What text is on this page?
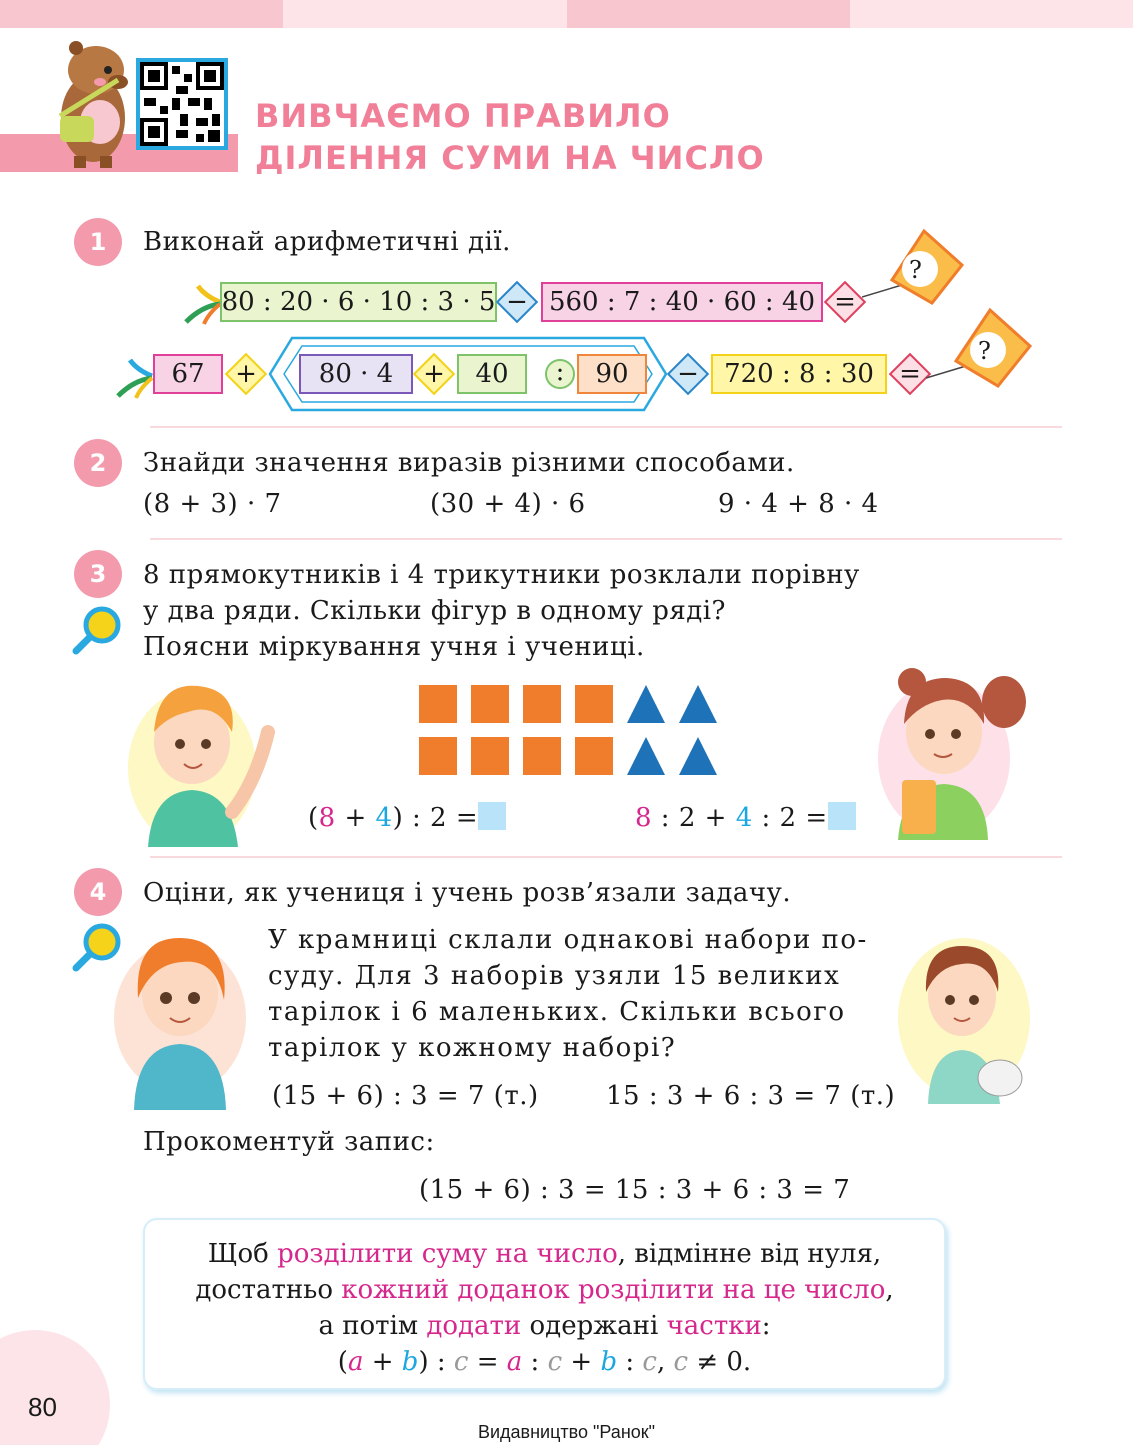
ВИВЧАЄМО ПРАВИЛО
ДІЛЕННЯ СУМИ НА ЧИСЛО
1	Виконай арифметичні дії.
80 : 20 · 6 · 10 : 3 · 5 − 560 : 7 : 40 · 60 : 40 =
?
67	+	80 · 4	+	40	:	90	− 720 : 8 : 30 =
?
2	Знайди значення виразів різними способами.
(8 + 3) · 7	(30 + 4) · 6	9 · 4 + 8 · 4
3	8 прямокутників і 4 трикутники розклали порівну
у два ряди. Скільки фігур в одному ряді?
Поясни міркування учня і учениці.
(8 + 4) : 2 =	8 : 2 + 4 : 2 =
4	Оціни, як учениця і учень розв’язали задачу.
У крамниці склали однакові набори по-
суду. Для 3 наборів узяли 15 великих
тарілок і 6 маленьких. Скільки всього
тарілок у кожному наборі?
(15 + 6) : 3 = 7 (т.)	15 : 3 + 6 : 3 = 7 (т.)
Прокоментуй запис:
(15 + 6) : 3 = 15 : 3 + 6 : 3 = 7
Щоб розділити суму на число, відмінне від нуля,
достатньо кожний доданок розділити на це число,
а потім додати одержані частки:
(a + b) : c = a : c + b : c, c ≠ 0.
80
Видавництво "Ранок"
